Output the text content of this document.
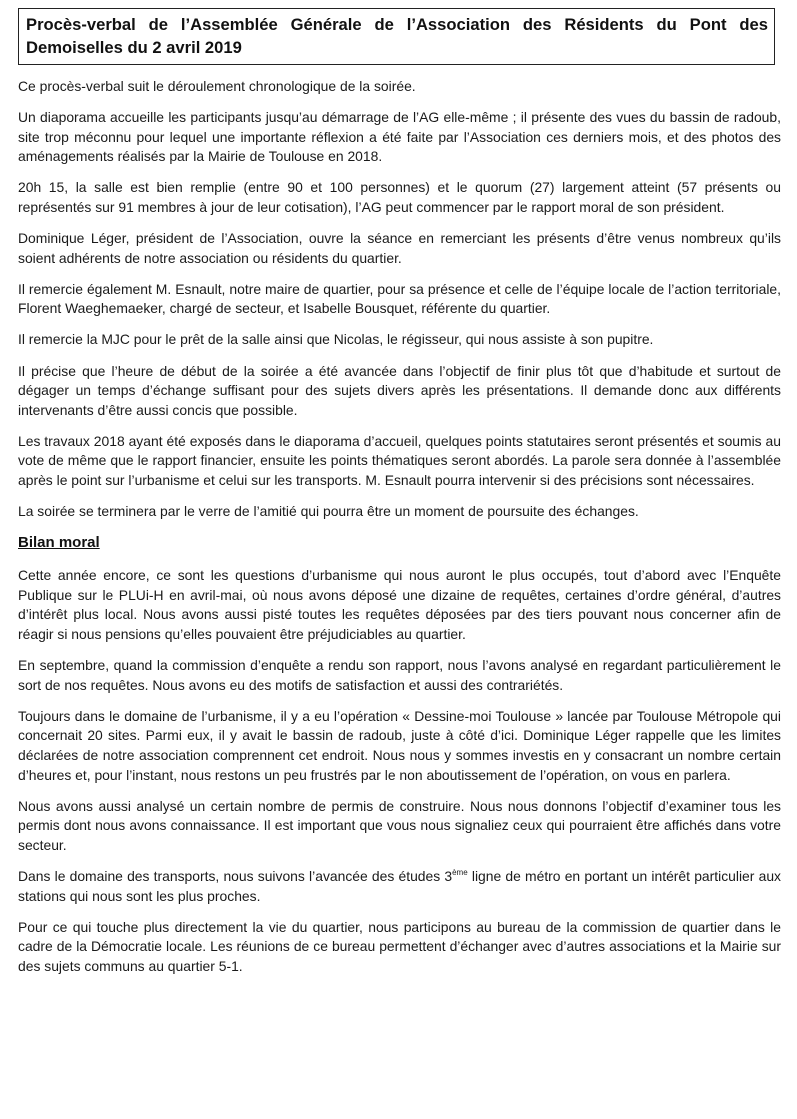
Procès-verbal de l’Assemblée Générale de l’Association des Résidents du Pont des Demoiselles du 2 avril 2019

Ce procès-verbal suit le déroulement chronologique de la soirée.

Un diaporama accueille les participants jusqu’au démarrage de l’AG elle-même ; il présente des vues du bassin de radoub, site trop méconnu pour lequel une importante réflexion a été faite par l’Association ces derniers mois, et des photos des aménagements réalisés par la Mairie de Toulouse en 2018.

20h 15, la salle est bien remplie (entre 90 et 100 personnes) et le quorum (27) largement atteint (57 présents ou représentés sur 91 membres à jour de leur cotisation), l’AG peut commencer par le rapport moral de son président.

Dominique Léger, président de l’Association, ouvre la séance en remerciant les présents d’être venus nombreux qu’ils soient adhérents de notre association ou résidents du quartier.

Il remercie également M. Esnault, notre maire de quartier, pour sa présence et celle de l’équipe locale de l’action territoriale, Florent Waeghemaeker, chargé de secteur, et Isabelle Bousquet, référente du quartier.

Il remercie la MJC pour le prêt de la salle ainsi que Nicolas, le régisseur, qui nous assiste à son pupitre.

Il précise que l’heure de début de la soirée a été avancée dans l’objectif de finir plus tôt que d’habitude et surtout de dégager un temps d’échange suffisant pour des sujets divers après les présentations. Il demande donc aux différents intervenants d’être aussi concis que possible.

Les travaux 2018 ayant été exposés dans le diaporama d’accueil, quelques points statutaires seront présentés et soumis au vote de même que le rapport financier, ensuite les points thématiques seront abordés. La parole sera donnée à l’assemblée après le point sur l’urbanisme et celui sur les transports. M. Esnault pourra intervenir si des précisions sont nécessaires.

La soirée se terminera par le verre de l’amitié qui pourra être un moment de poursuite des échanges.

Bilan moral

Cette année encore, ce sont les questions d’urbanisme qui nous auront le plus occupés, tout d’abord avec l’Enquête Publique sur le PLUi-H en avril-mai, où nous avons déposé une dizaine de requêtes, certaines d’ordre général, d’autres d’intérêt plus local. Nous avons aussi pisté toutes les requêtes déposées par des tiers pouvant nous concerner afin de réagir si nous pensions qu’elles pouvaient être préjudiciables au quartier.

En septembre, quand la commission d’enquête a rendu son rapport, nous l’avons analysé en regardant particulièrement le sort de nos requêtes. Nous avons eu des motifs de satisfaction et aussi des contrariétés.

Toujours dans le domaine de l’urbanisme, il y a eu l’opération « Dessine-moi Toulouse » lancée par Toulouse Métropole qui concernait 20 sites. Parmi eux, il y avait le bassin de radoub, juste à côté d’ici. Dominique Léger rappelle que les limites déclarées de notre association comprennent cet endroit. Nous nous y sommes investis en y consacrant un nombre certain d’heures et, pour l’instant, nous restons un peu frustrés par le non aboutissement de l’opération, on vous en parlera.

Nous avons aussi analysé un certain nombre de permis de construire. Nous nous donnons l’objectif d’examiner tous les permis dont nous avons connaissance. Il est important que vous nous signaliez ceux qui pourraient être affichés dans votre secteur.

Dans le domaine des transports, nous suivons l’avancée des études 3ème ligne de métro en portant un intérêt particulier aux stations qui nous sont les plus proches.

Pour ce qui touche plus directement la vie du quartier, nous participons au bureau de la commission de quartier dans le cadre de la Démocratie locale. Les réunions de ce bureau permettent d’échanger avec d’autres associations et la Mairie sur des sujets communs au quartier 5-1.
